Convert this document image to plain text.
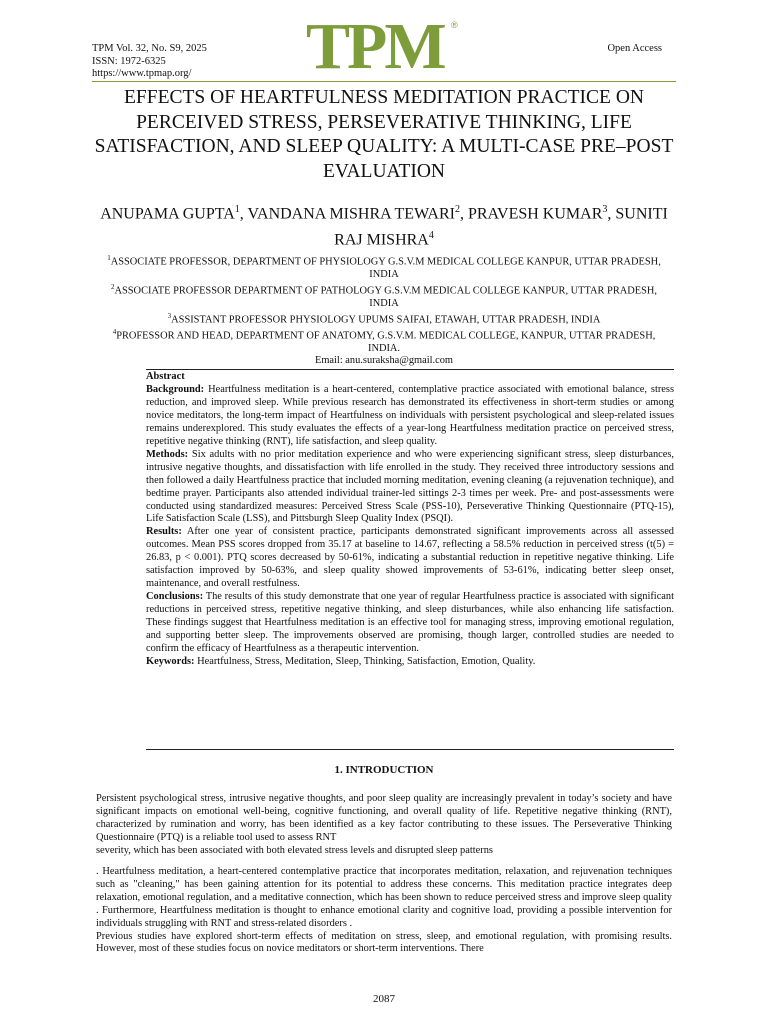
TPM Vol. 32, No. S9, 2025
ISSN: 1972-6325
https://www.tpmap.org/ TPM ®
Open Access
EFFECTS OF HEARTFULNESS MEDITATION PRACTICE ON PERCEIVED STRESS, PERSEVERATIVE THINKING, LIFE SATISFACTION, AND SLEEP QUALITY: A MULTI-CASE PRE–POST EVALUATION

ANUPAMA GUPTA$^1$, VANDANA MISHRA TEWARI$^2$, PRAVESH KUMAR$^3$, SUNITI RAJ MISHRA$^4$

$^1$ASSOCIATE PROFESSOR, DEPARTMENT OF PHYSIOLOGY G.S.V.M MEDICAL COLLEGE KANPUR, UTTAR PRADESH, INDIA

$^2$ASSOCIATE PROFESSOR DEPARTMENT OF PATHOLOGY G.S.V.M MEDICAL COLLEGE KANPUR, UTTAR PRADESH, INDIA

$^3$ASSISTANT PROFESSOR PHYSIOLOGY UPUMS SAIFAI, ETAWAH, UTTAR PRADESH, INDIA

$^4$PROFESSOR AND HEAD, DEPARTMENT OF ANATOMY, G.S.V.M. MEDICAL COLLEGE, KANPUR, UTTAR PRADESH, INDIA.

Email: anu.suraksha@gmail.com

Abstract

Background: Heartfulness meditation is a heart-centered, contemplative practice associated with emotional balance, stress reduction, and improved sleep. While previous research has demonstrated its effectiveness in short-term studies or among novice meditators, the long-term impact of Heartfulness on individuals with persistent psychological and sleep-related issues remains underexplored. This study evaluates the effects of a year-long Heartfulness meditation practice on perceived stress, repetitive negative thinking (RNT), life satisfaction, and sleep quality.

Methods: Six adults with no prior meditation experience and who were experiencing significant stress, sleep disturbances, intrusive negative thoughts, and dissatisfaction with life enrolled in the study. They received three introductory sessions and then followed a daily Heartfulness practice that included morning meditation, evening cleaning (a rejuvenation technique), and bedtime prayer. Participants also attended individual trainer-led sittings 2-3 times per week. Pre- and post-assessments were conducted using standardized measures: Perceived Stress Scale (PSS-10), Perseverative Thinking Questionnaire (PTQ-15), Life Satisfaction Scale (LSS), and Pittsburgh Sleep Quality Index (PSQI).

Results: After one year of consistent practice, participants demonstrated significant improvements across all assessed outcomes. Mean PSS scores dropped from 35.17 at baseline to 14.67, reflecting a 58.5% reduction in perceived stress (t(5) = 26.83, p < 0.001). PTQ scores decreased by 50-61%, indicating a substantial reduction in repetitive negative thinking. Life satisfaction improved by 50-63%, and sleep quality showed improvements of 53-61%, indicating better sleep onset, maintenance, and overall restfulness.

Conclusions: The results of this study demonstrate that one year of regular Heartfulness practice is associated with significant reductions in perceived stress, repetitive negative thinking, and sleep disturbances, while also enhancing life satisfaction. These findings suggest that Heartfulness meditation is an effective tool for managing stress, improving emotional regulation, and supporting better sleep. The improvements observed are promising, though larger, controlled studies are needed to confirm the efficacy of Heartfulness as a therapeutic intervention.

Keywords: Heartfulness, Stress, Meditation, Sleep, Thinking, Satisfaction, Emotion, Quality.

1. INTRODUCTION

Persistent psychological stress, intrusive negative thoughts, and poor sleep quality are increasingly prevalent in today’s society and have significant impacts on emotional well-being, cognitive functioning, and overall quality of life. Repetitive negative thinking (RNT), characterized by rumination and worry, has been identified as a key factor contributing to these issues. The Perseverative Thinking Questionnaire (PTQ) is a reliable tool used to assess RNT

severity, which has been associated with both elevated stress levels and disrupted sleep patterns

. Heartfulness meditation, a heart-centered contemplative practice that incorporates meditation, relaxation, and rejuvenation techniques such as "cleaning," has been gaining attention for its potential to address these concerns. This meditation practice integrates deep relaxation, emotional regulation, and a meditative connection, which has been shown to reduce perceived stress and improve sleep quality . Furthermore, Heartfulness meditation is thought to enhance emotional clarity and cognitive load, providing a possible intervention for individuals struggling with RNT and stress-related disorders .

Previous studies have explored short-term effects of meditation on stress, sleep, and emotional regulation, with promising results. However, most of these studies focus on novice meditators or short-term interventions. There

2087
